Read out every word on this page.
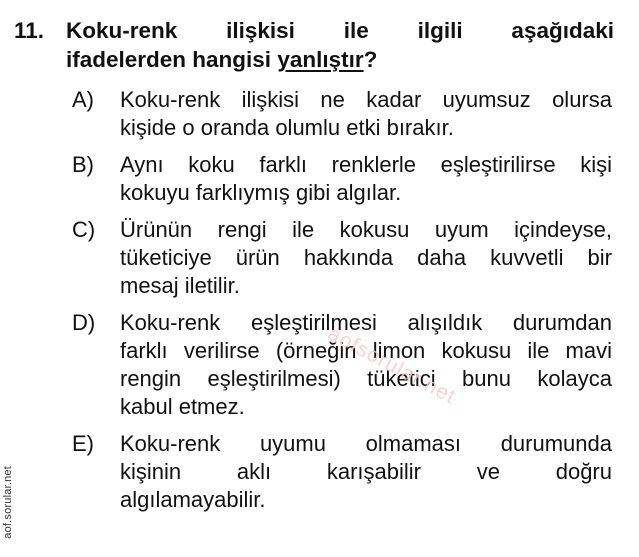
11. Koku-renk ilişkisi ile ilgili aşağıdaki
ifadelerden hangisi yanlıştır?
A)	Koku-renk ilişkisi ne kadar uyumsuz olursa
kişide o oranda olumlu etki bırakır.
B)	Aynı koku farklı renklerle eşleştirilirse kişi
kokuyu farklıymış gibi algılar.
C)	Ürünün rengi ile kokusu uyum içindeyse,
tüketiciye ürün hakkında daha kuvvetli bir
mesaj iletilir.
D)	Koku-renk eşleştirilmesi alışıldık durumdan
farklı verilirse (örneğin limon kokusu ile mavi
rengin eşleştirilmesi) tüketici bunu kolayca
kabul etmez.
E)	Koku-renk uyumu olmaması durumunda
kişinin aklı karışabilir ve doğru
algılamayabilir.
aofsorular.net
aof.sorular.net
